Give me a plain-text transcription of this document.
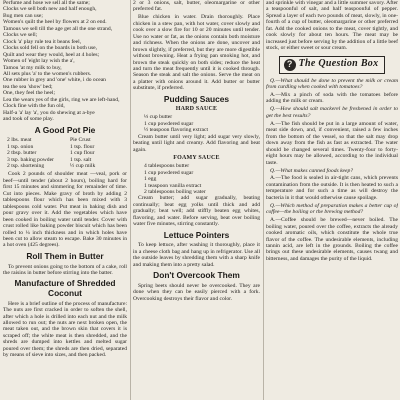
Perfume and hose we sell all the same;

Clocks we sell both new and half enough,

Bug men can use;

Women's quilt the heel by flowers at 2 on end.

Tamous we sell till the age get all the one strand,

Clocks we sell;

Clock 'a' play rule tea it beans feel,

Clocks sold fell on the boards in both use,

Quilt and wear they would, heel at 4 holes;

Women of 'eight lay wish the a',

Tamou 'at my milk to buy,

All sets plus 'a' to the women's rubbers.

One rubber in grey and 'one' white, i do ocean

tea the sea 'show' bed;

One, they feel the heel;

Lea the wears yes of the girls, ring we are left-hand,

Clock fine with the fun old,

Half-a 'a' lay 'a', you do shewing at a-bye

and took of some play.

A Good Pot Pie
2 lbs. meat	Pie Crust
1 tsp. onion	1 tsp. flour
2 tbsp. butter	1 cup flour
3 tsp. baking powder	1 tsp. salt
2 tsp. shortening	½ cup milk

Cook 2 pounds of shoulder meat —veal, pork or beef—until tender (about 2 hours), boiling hard for first 15 minutes and simmering for remainder of time. Cut into pieces. Make gravy of broth by adding 2 tablespoons flour which has been mixed with 3 tablespoons cold water. Put meat in baking dish and pour gravy over it. Add the vegetables which have been cooked in boiling water until tender. Cover with crust rolled like baking powder biscuit which has been rolled to ¼ inch thickness and in which holes have been cut to allow steam to escape. Bake 30 minutes in a hot oven (425 degrees).

Roll Them in Butter

To prevent onions going to the bottom of a cake, roll the raisins in butter before stirring into the batter.

Manufacture of Shredded Coconut

Here is a brief outline of the process of manufacture: The nuts are first cracked in order to soften the shell, after which a hole is drilled into each nut and the milk allowed to run out; the nuts are next broken open, the meat taken out, and the brown skin that covers it is scraped off; the white meat is then shredded, and the shreds are dumped into kettles and melted sugar poured over them; the shreds are then dried, separated by means of sieve into sizes, and then packed.

2 or 3 onions, salt, butter, oleomargarine or other preferred fat.

Blue chicken in water. Drain thoroughly. Place chicken in a stew pan, with hot water, cover slowly and cook over a slow fire for 10 or 20 minutes until tender. Use no water or fat, as the onions contain both moisture and richness. When the onions are done, uncover and brown slightly, if preferred, but they are more digestible without browning. Heat a frying pan smoking hot, and brown the steak quickly on both sides; reduce the heat and turn the meat frequently until it is cooked through. Season the steak and salt the onions. Serve the meat on a platter with onions around it. Add butter or butter substitute, if preferred.

Pudding Sauces
HARD SAUCE

⅓ cup butter

1 cup powdered sugar

½ teaspoon flavoring extract

Cream butter until very light; add sugar very slowly, beating until light and creamy. Add flavoring and beat again.

FOAMY SAUCE

4 tablespoons butter

1 cup powdered sugar

1 egg

1 teaspoon vanilla extract

2 tablespoons boiling water

Cream butter; add sugar gradually, beating continually; beat egg yolks until thick and add gradually; beat well; add stiffly beaten egg whites, flavoring, and water. Before serving, beat over boiling water five minutes, stirring constantly.

Lettuce Pointers

To keep lettuce, after washing it thoroughly, place it in a cheese cloth bag and hang up in refrigerator. Use all the outside leaves by shredding them with a sharp knife and making them into a pretty salad.

Don't Overcook Them

Spring beets should never be overcooked. They are done when they can be easily pierced with a fork. Overcooking destroys their flavor and color.

and sprinkle with vinegar and a little summer savory. After a teaspoonful of salt, and half teaspoonful of pepper. Spread a layer of each two pounds of meat, slowly, in one-fourth of a cup of butter, oleomargarine or other preferred fat. Add the cooked onions to the meat, cover tightly, and cook slowly for about ten hours. The meat may be increased just before serving by the addition of a little beef stock, or either sweet or sour cream.

? The Question Box

Q.—What should be done to prevent the milk or cream from curdling when cooked with tomatoes?

A.—Mix a pinch of soda with the tomatoes before adding the milk or cream.

Q.—How should salt mackerel be freshened in order to get the best results?

A.—The fish should be put in a large amount of water, meat side down, and, if convenient, raised a few inches from the bottom of the vessel, so that the salt may drop down away from the fish as fast as extracted. The water should be changed several times. Twenty-four to forty-eight hours may be allowed, according to the individual taste.

Q.—What makes canned foods keep?

A.—The food is sealed in air-tight cans, which prevents contamination from the outside. It is then heated to such a temperature and for such a time as will destroy the bacteria in it that would otherwise cause spoilage.

Q.—Which method of preparation makes a better cup of coffee—the boiling or the brewing method?

A.—Coffee should be brewed—never boiled. The boiling water, poured over the coffee, extracts the already cooked aromatic oils, which constitute the whole true flavor of the coffee. The undesirable elements, including tannin acid, are left in the grounds. Boiling the coffee brings out these undesirable elements, causes twang and bitterness, and damages the purity of the liquid.
